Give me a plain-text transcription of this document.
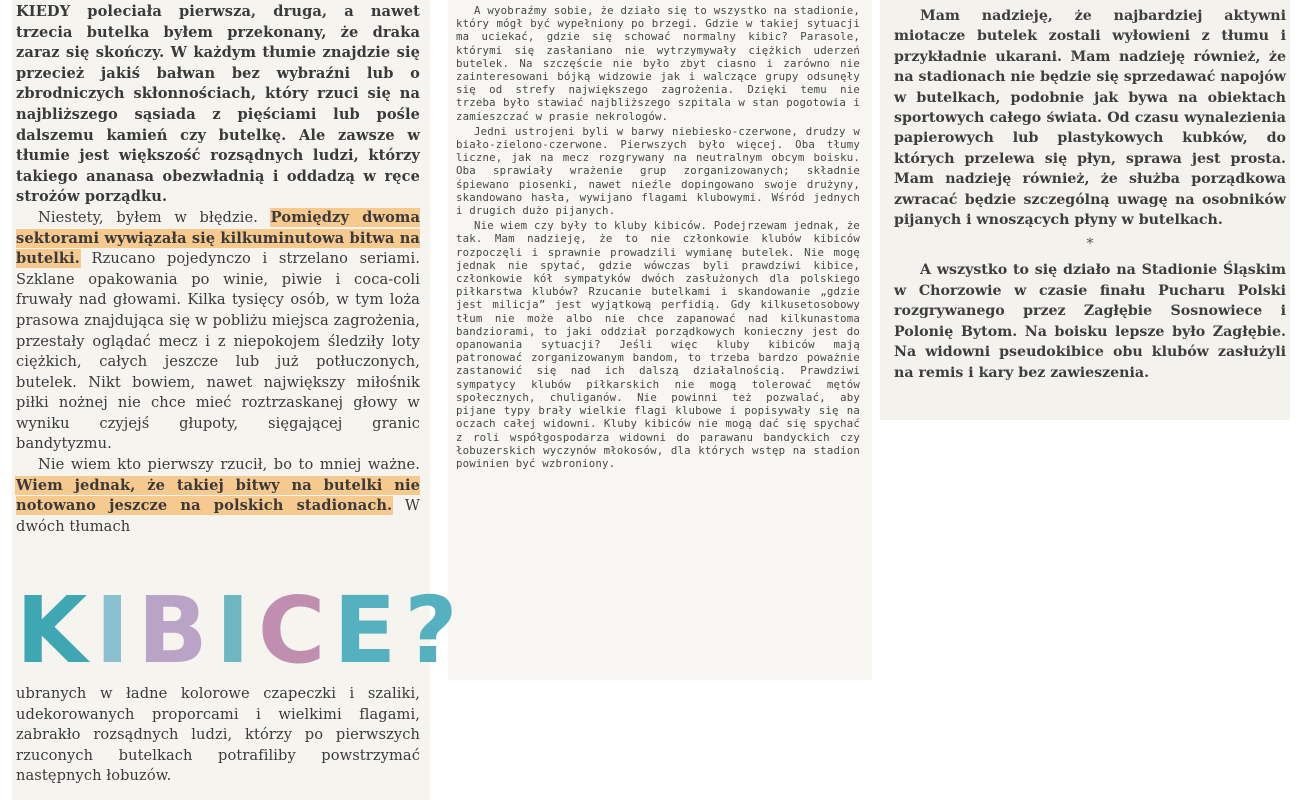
KIEDY poleciała pierwsza, druga, a nawet trzecia butelka byłem przekonany, że draka zaraz się skończy. W każdym tłumie znajdzie się przecież jakiś bałwan bez wybraźni lub o zbrodniczych skłonnościach, który rzuci się na najbliższego sąsiada z pięściami lub pośle dalszemu kamień czy butelkę. Ale zawsze w tłumie jest większość rozsądnych ludzi, którzy takiego ananasa obezwładnią i oddadzą w ręce strożów porządku.

Niestety, byłem w błędzie. Pomiędzy dwoma sektorami wywiązała się kilkuminutowa bitwa na butelki. Rzucano pojedynczo i strzelano seriami. Szklane opakowania po winie, piwie i coca-coli fruwały nad głowami. Kilka tysięcy osób, w tym loża prasowa znajdująca się w pobliżu miejsca zagrożenia, przestały oglądać mecz i z niepokojem śledziły loty ciężkich, całych jeszcze lub już potłuczonych, butelek. Nikt bowiem, nawet największy miłośnik piłki nożnej nie chce mieć roztrzaskanej głowy w wyniku czyjejś głupoty, sięgającej granic bandytyzmu.

Nie wiem kto pierwszy rzucił, bo to mniej ważne. Wiem jednak, że takiej bitwy na butelki nie notowano jeszcze na polskich stadionach. W dwóch tłumach

KIBICE?

ubranych w ładne kolorowe czapeczki i szaliki, udekorowanych proporcami i wielkimi flagami, zabrakło rozsądnych ludzi, którzy po pierwszych rzuconych butelkach potrafiliby powstrzymać następnych łobuzów.

A wyobraźmy sobie, że działo się to wszystko na stadionie, który mógł być wypełniony po brzegi. Gdzie w takiej sytuacji ma uciekać, gdzie się schować normalny kibic? Parasole, którymi się zasłaniano nie wytrzymywały ciężkich uderzeń butelek. Na szczęście nie było zbyt ciasno i zarówno nie zainteresowani bójką widzowie jak i walczące grupy odsunęły się od strefy największego zagrożenia. Dzięki temu nie trzeba było stawiać najbliższego szpitala w stan pogotowia i zamieszczać w prasie nekrologów.

Jedni ustrojeni byli w barwy niebiesko-czerwone, drudzy w biało-zielono-czerwone. Pierwszych było więcej. Oba tłumy liczne, jak na mecz rozgrywany na neutralnym obcym boisku. Oba sprawiały wrażenie grup zorganizowanych; składnie śpiewano piosenki, nawet nieźle dopingowano swoje drużyny, skandowano hasła, wywijano flagami klubowymi. Wśród jednych i drugich dużo pijanych.

Nie wiem czy były to kluby kibiców. Podejrzewam jednak, że tak. Mam nadzieję, że to nie członkowie klubów kibiców rozpoczęli i sprawnie prowadzili wymianę butelek. Nie mogę jednak nie spytać, gdzie wówczas byli prawdziwi kibice, członkowie kół sympatyków dwóch zasłużonych dla polskiego piłkarstwa klubów? Rzucanie butelkami i skandowanie „gdzie jest milicja” jest wyjątkową perfidią. Gdy kilkusetosobowy tłum nie może albo nie chce zapanować nad kilkunastoma bandziorami, to jaki oddział porządkowych konieczny jest do opanowania sytuacji? Jeśli więc kluby kibiców mają patronować zorganizowanym bandom, to trzeba bardzo poważnie zastanowić się nad ich dalszą działalnością. Prawdziwi sympatycy klubów piłkarskich nie mogą tolerować mętów społecznych, chuliganów. Nie powinni też pozwalać, aby pijane typy brały wielkie flagi klubowe i popisywały się na oczach całej widowni. Kluby kibiców nie mogą dać się spychać z roli współgospodarza widowni do parawanu bandyckich czy łobuzerskich wyczynów młokosów, dla których wstęp na stadion powinien być wzbroniony.

Mam nadzieję, że najbardziej aktywni miotacze butelek zostali wyłowieni z tłumu i przykładnie ukarani. Mam nadzieję również, że na stadionach nie będzie się sprzedawać napojów w butelkach, podobnie jak bywa na obiektach sportowych całego świata. Od czasu wynalezienia papierowych lub plastykowych kubków, do których przelewa się płyn, sprawa jest prosta. Mam nadzieję również, że służba porządkowa zwracać będzie szczególną uwagę na osobników pijanych i wnoszących płyny w butelkach.

*

A wszystko to się działo na Stadionie Śląskim w Chorzowie w czasie finału Pucharu Polski rozgrywanego przez Zagłębie Sosnowiece i Polonię Bytom. Na boisku lepsze było Zagłębie. Na widowni pseudokibice obu klubów zasłużyli na remis i kary bez zawieszenia.
